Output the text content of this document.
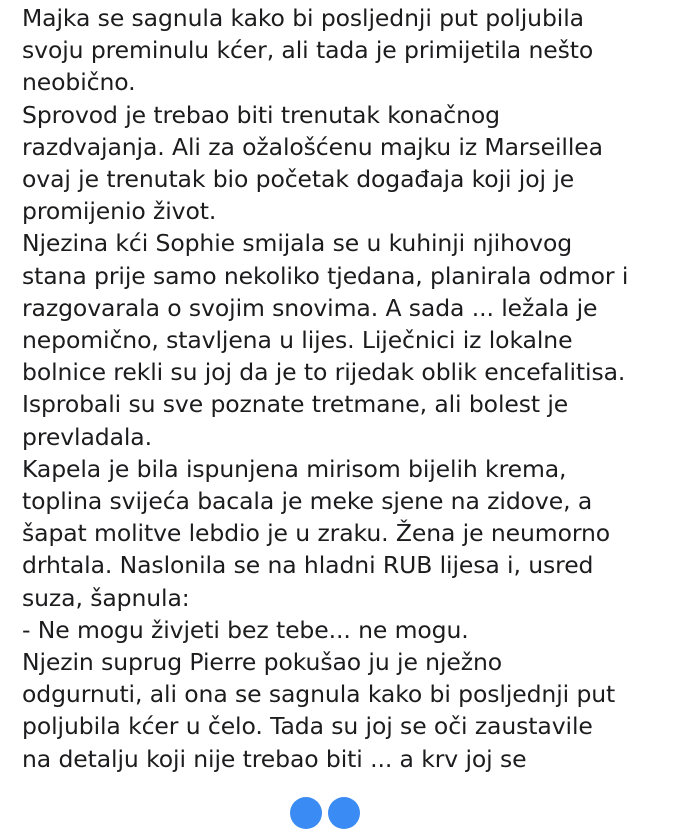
Majka se sagnula kako bi posljednji put poljubila
svoju preminulu kćer, ali tada je primijetila nešto
neobično.
Sprovod je trebao biti trenutak konačnog
razdvajanja. Ali za ožalošćenu majku iz Marseillea
ovaj je trenutak bio početak događaja koji joj je
promijenio život.
Njezina kći Sophie smijala se u kuhinji njihovog
stana prije samo nekoliko tjedana, planirala odmor i
razgovarala o svojim snovima. A sada ... ležala je
nepomično, stavljena u lijes. Liječnici iz lokalne
bolnice rekli su joj da je to rijedak oblik encefalitisa.
Isprobali su sve poznate tretmane, ali bolest je
prevladala.
Kapela je bila ispunjena mirisom bijelih krema,
toplina svijeća bacala je meke sjene na zidove, a
šapat molitve lebdio je u zraku. Žena je neumorno
drhtala. Naslonila se na hladni RUB lijesa i, usred
suza, šapnula:
- Ne mogu živjeti bez tebe... ne mogu.
Njezin suprug Pierre pokušao ju je nježno
odgurnuti, ali ona se sagnula kako bi posljednji put
poljubila kćer u čelo. Tada su joj se oči zaustavile
na detalju koji nije trebao biti ... a krv joj se
